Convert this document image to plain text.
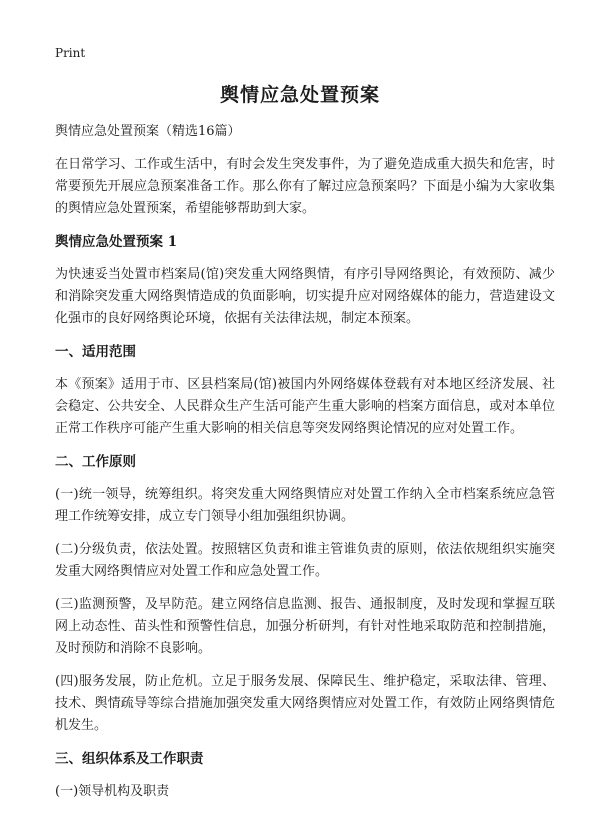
Print
舆情应急处置预案

舆情应急处置预案（精选16篇）

在日常学习、工作或生活中，有时会发生突发事件，为了避免造成重大损失和危害，时常要预先开展应急预案准备工作。那么你有了解过应急预案吗？下面是小编为大家收集的舆情应急处置预案，希望能够帮助到大家。

舆情应急处置预案 1

为快速妥当处置市档案局(馆)突发重大网络舆情，有序引导网络舆论，有效预防、减少和消除突发重大网络舆情造成的负面影响，切实提升应对网络媒体的能力，营造建设文化强市的良好网络舆论环境，依据有关法律法规，制定本预案。

一、适用范围

本《预案》适用于市、区县档案局(馆)被国内外网络媒体登载有对本地区经济发展、社会稳定、公共安全、人民群众生产生活可能产生重大影响的档案方面信息，或对本单位正常工作秩序可能产生重大影响的相关信息等突发网络舆论情况的应对处置工作。

二、工作原则

(一)统一领导，统筹组织。将突发重大网络舆情应对处置工作纳入全市档案系统应急管理工作统筹安排，成立专门领导小组加强组织协调。

(二)分级负责，依法处置。按照辖区负责和谁主管谁负责的原则，依法依规组织实施突发重大网络舆情应对处置工作和应急处置工作。

(三)监测预警，及早防范。建立网络信息监测、报告、通报制度，及时发现和掌握互联网上动态性、苗头性和预警性信息，加强分析研判，有针对性地采取防范和控制措施，及时预防和消除不良影响。

(四)服务发展，防止危机。立足于服务发展、保障民生、维护稳定，采取法律、管理、技术、舆情疏导等综合措施加强突发重大网络舆情应对处置工作，有效防止网络舆情危机发生。

三、组织体系及工作职责

(一)领导机构及职责
